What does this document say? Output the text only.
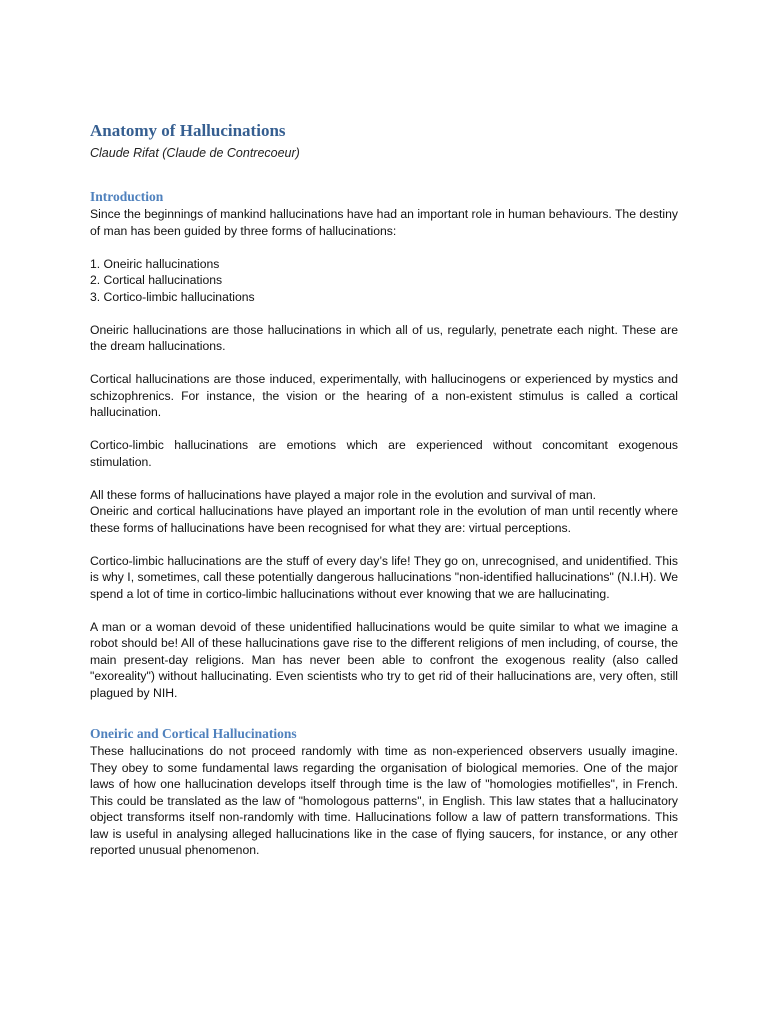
Anatomy of Hallucinations
Claude Rifat (Claude de Contrecoeur)
Introduction

Since the beginnings of mankind hallucinations have had an important role in human behaviours. The destiny of man has been guided by three forms of hallucinations:

1. Oneiric hallucinations
2. Cortical hallucinations
3. Cortico-limbic hallucinations

Oneiric hallucinations are those hallucinations in which all of us, regularly, penetrate each night. These are the dream hallucinations.

Cortical hallucinations are those induced, experimentally, with hallucinogens or experienced by mystics and schizophrenics. For instance, the vision or the hearing of a non-existent stimulus is called a cortical hallucination.

Cortico-limbic hallucinations are emotions which are experienced without concomitant exogenous stimulation.

All these forms of hallucinations have played a major role in the evolution and survival of man.

Oneiric and cortical hallucinations have played an important role in the evolution of man until recently where these forms of hallucinations have been recognised for what they are: virtual perceptions.

Cortico-limbic hallucinations are the stuff of every day’s life! They go on, unrecognised, and unidentified. This is why I, sometimes, call these potentially dangerous hallucinations "non-identified hallucinations" (N.I.H). We spend a lot of time in cortico-limbic hallucinations without ever knowing that we are hallucinating.

A man or a woman devoid of these unidentified hallucinations would be quite similar to what we imagine a robot should be! All of these hallucinations gave rise to the different religions of men including, of course, the main present-day religions. Man has never been able to confront the exogenous reality (also called "exoreality") without hallucinating. Even scientists who try to get rid of their hallucinations are, very often, still plagued by NIH.

Oneiric and Cortical Hallucinations

These hallucinations do not proceed randomly with time as non-experienced observers usually imagine. They obey to some fundamental laws regarding the organisation of biological memories. One of the major laws of how one hallucination develops itself through time is the law of "homologies motifielles", in French. This could be translated as the law of "homologous patterns", in English. This law states that a hallucinatory object transforms itself non-randomly with time. Hallucinations follow a law of pattern transformations. This law is useful in analysing alleged hallucinations like in the case of flying saucers, for instance, or any other reported unusual phenomenon.
